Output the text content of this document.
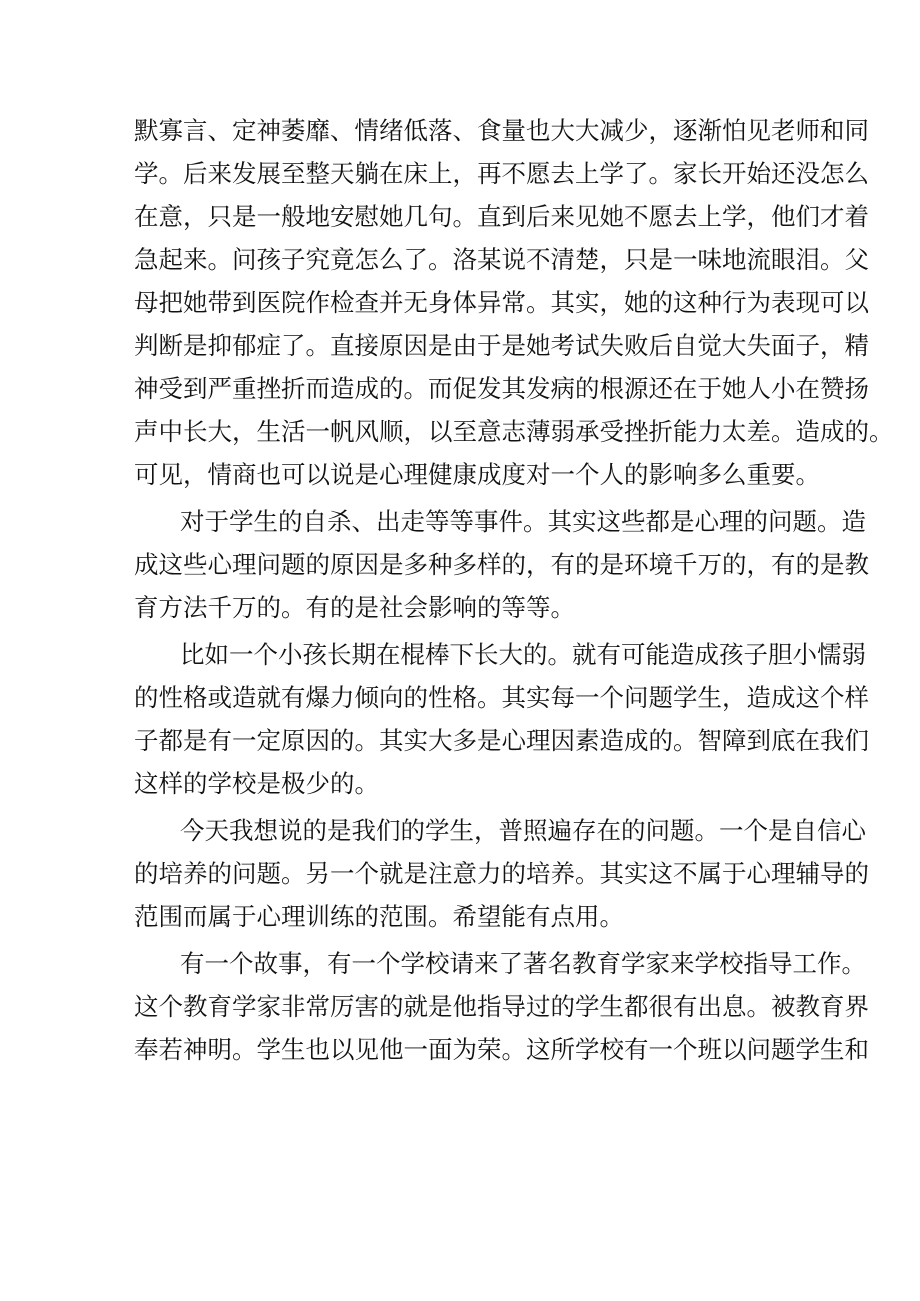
默寡言、定神萎靡、情绪低落、食量也大大减少，逐渐怕见老师和同
学。后来发展至整天躺在床上，再不愿去上学了。家长开始还没怎么
在意，只是一般地安慰她几句。直到后来见她不愿去上学，他们才着
急起来。问孩子究竟怎么了。洛某说不清楚，只是一味地流眼泪。父
母把她带到医院作检查并无身体异常。其实，她的这种行为表现可以
判断是抑郁症了。直接原因是由于是她考试失败后自觉大失面子，精
神受到严重挫折而造成的。而促发其发病的根源还在于她人小在赞扬
声中长大，生活一帆风顺，以至意志薄弱承受挫折能力太差。造成的。
可见，情商也可以说是心理健康成度对一个人的影响多么重要。
对于学生的自杀、出走等等事件。其实这些都是心理的问题。造
成这些心理问题的原因是多种多样的，有的是环境千万的，有的是教
育方法千万的。有的是社会影响的等等。
比如一个小孩长期在棍棒下长大的。就有可能造成孩子胆小懦弱
的性格或造就有爆力倾向的性格。其实每一个问题学生，造成这个样
子都是有一定原因的。其实大多是心理因素造成的。智障到底在我们
这样的学校是极少的。
今天我想说的是我们的学生，普照遍存在的问题。一个是自信心
的培养的问题。另一个就是注意力的培养。其实这不属于心理辅导的
范围而属于心理训练的范围。希望能有点用。
有一个故事，有一个学校请来了著名教育学家来学校指导工作。
这个教育学家非常厉害的就是他指导过的学生都很有出息。被教育界
奉若神明。学生也以见他一面为荣。这所学校有一个班以问题学生和
